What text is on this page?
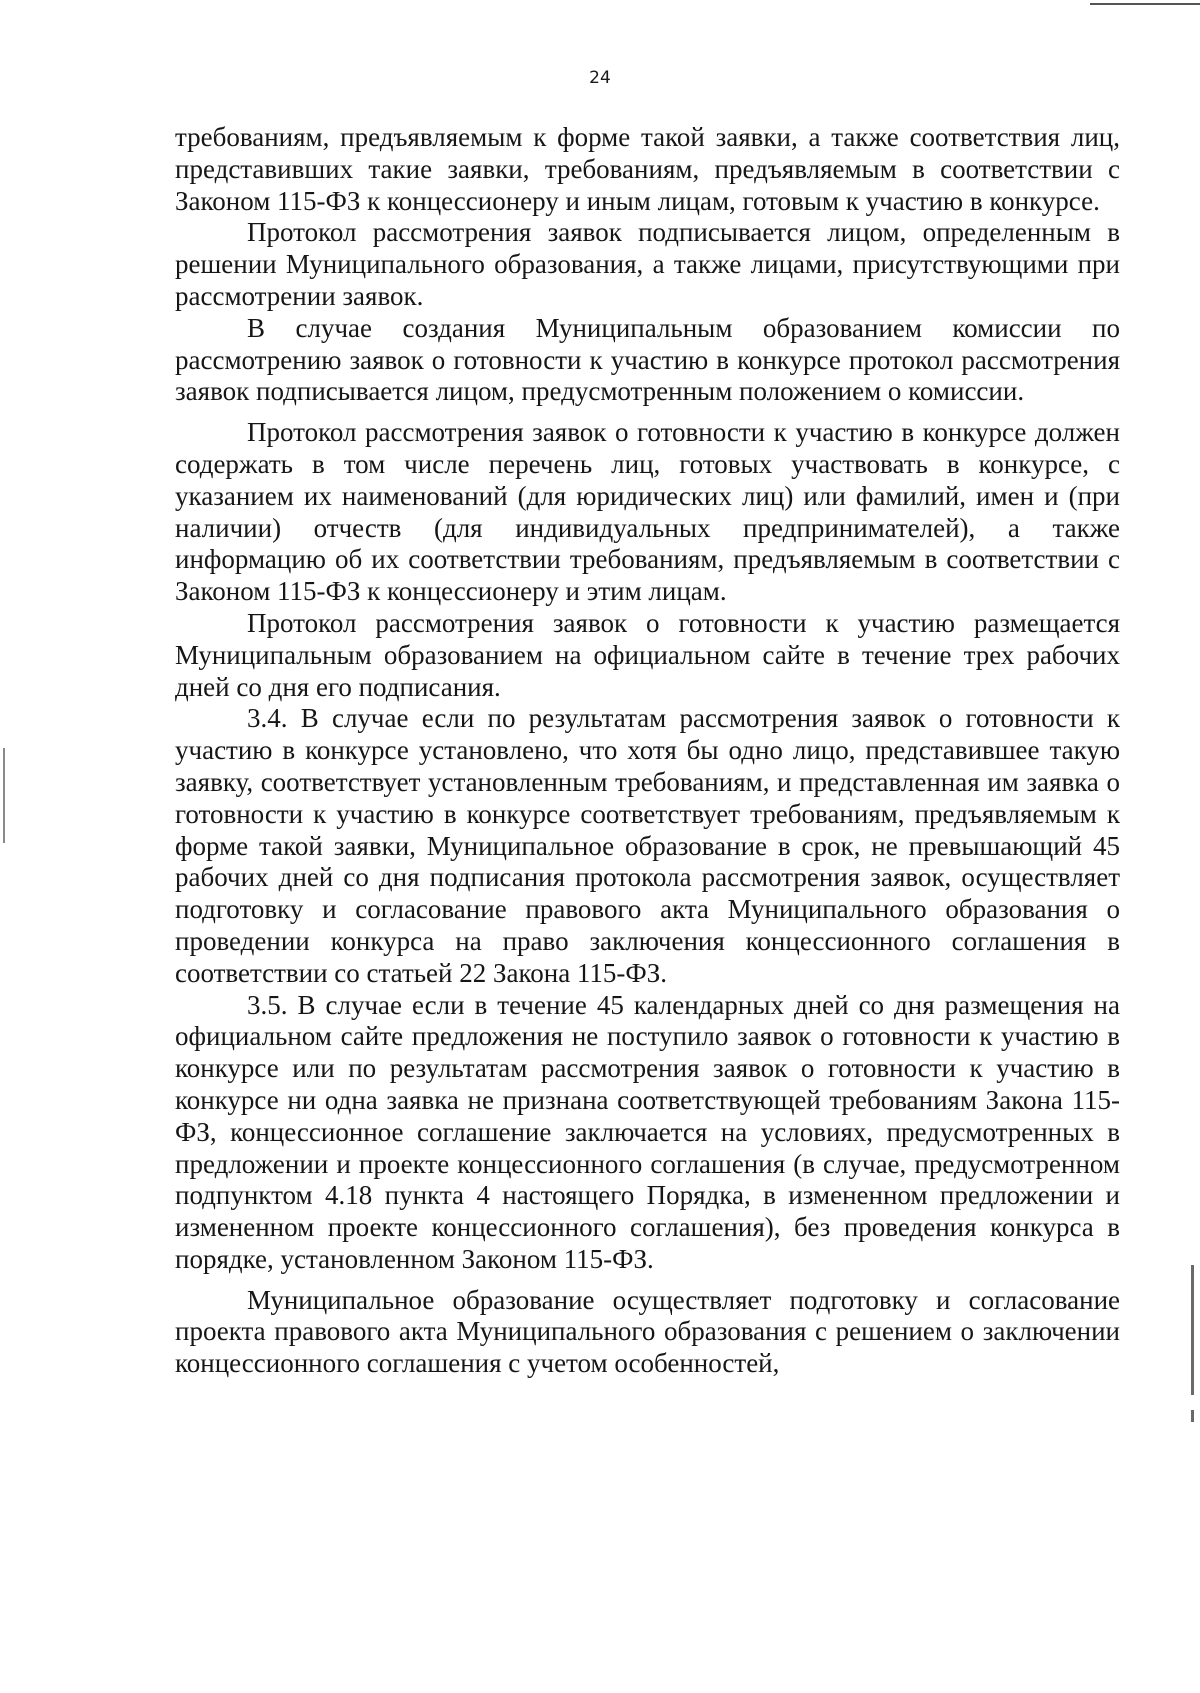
24

требованиям, предъявляемым к форме такой заявки, а также соответствия лиц, представивших такие заявки, требованиям, предъявляемым в соответствии с Законом 115-ФЗ к концессионеру и иным лицам, готовым к участию в конкурсе.

Протокол рассмотрения заявок подписывается лицом, определенным в решении Муниципального образования, а также лицами, присутствующими при рассмотрении заявок.

В случае создания Муниципальным образованием комиссии по рассмотрению заявок о готовности к участию в конкурсе протокол рассмотрения заявок подписывается лицом, предусмотренным положением о комиссии.

Протокол рассмотрения заявок о готовности к участию в конкурсе должен содержать в том числе перечень лиц, готовых участвовать в конкурсе, с указанием их наименований (для юридических лиц) или фамилий, имен и (при наличии) отчеств (для индивидуальных предпринимателей), а также информацию об их соответствии требованиям, предъявляемым в соответствии с Законом 115-ФЗ к концессионеру и этим лицам.

Протокол рассмотрения заявок о готовности к участию размещается Муниципальным образованием на официальном сайте в течение трех рабочих дней со дня его подписания.

3.4. В случае если по результатам рассмотрения заявок о готовности к участию в конкурсе установлено, что хотя бы одно лицо, представившее такую заявку, соответствует установленным требованиям, и представленная им заявка о готовности к участию в конкурсе соответствует требованиям, предъявляемым к форме такой заявки, Муниципальное образование в срок, не превышающий 45 рабочих дней со дня подписания протокола рассмотрения заявок, осуществляет подготовку и согласование правового акта Муниципального образования о проведении конкурса на право заключения концессионного соглашения в соответствии со статьей 22 Закона 115-ФЗ.

3.5. В случае если в течение 45 календарных дней со дня размещения на официальном сайте предложения не поступило заявок о готовности к участию в конкурсе или по результатам рассмотрения заявок о готовности к участию в конкурсе ни одна заявка не признана соответствующей требованиям Закона 115-ФЗ, концессионное соглашение заключается на условиях, предусмотренных в предложении и проекте концессионного соглашения (в случае, предусмотренном подпунктом 4.18 пункта 4 настоящего Порядка, в измененном предложении и измененном проекте концессионного соглашения), без проведения конкурса в порядке, установленном Законом 115-ФЗ.

Муниципальное образование осуществляет подготовку и согласование проекта правового акта Муниципального образования с решением о заключении концессионного соглашения с учетом особенностей,
